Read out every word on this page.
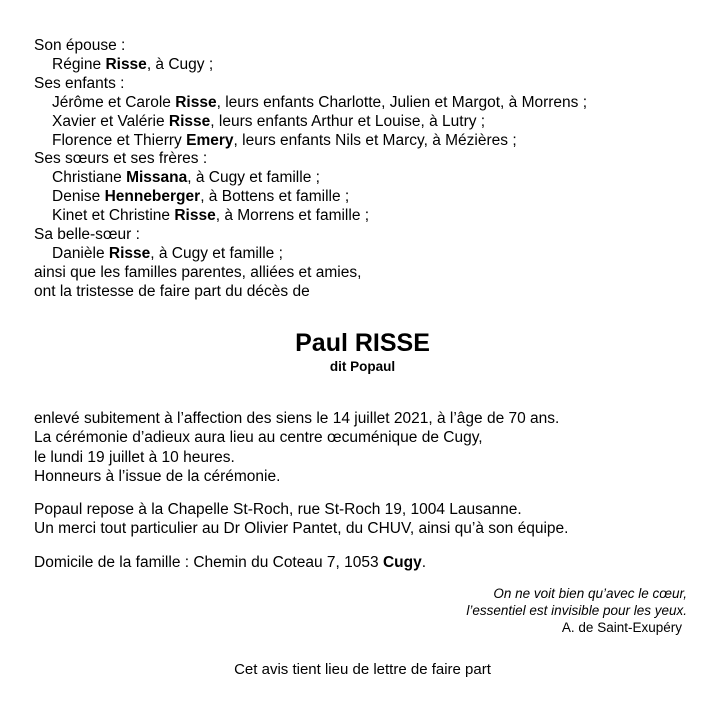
Son épouse :
Régine Risse, à Cugy ;
Ses enfants :
Jérôme et Carole Risse, leurs enfants Charlotte, Julien et Margot, à Morrens ;
Xavier et Valérie Risse, leurs enfants Arthur et Louise, à Lutry ;
Florence et Thierry Emery, leurs enfants Nils et Marcy, à Mézières ;
Ses sœurs et ses frères :
Christiane Missana, à Cugy et famille ;
Denise Henneberger, à Bottens et famille ;
Kinet et Christine Risse, à Morrens et famille ;
Sa belle-sœur :
Danièle Risse, à Cugy et famille ;
ainsi que les familles parentes, alliées et amies,
ont la tristesse de faire part du décès de
Paul RISSE
dit Popaul
enlevé subitement à l’affection des siens le 14 juillet 2021, à l’âge de 70 ans.
La cérémonie d’adieux aura lieu au centre œcuménique de Cugy,
le lundi 19 juillet à 10 heures.
Honneurs à l’issue de la cérémonie.
Popaul repose à la Chapelle St-Roch, rue St-Roch 19, 1004 Lausanne.
Un merci tout particulier au Dr Olivier Pantet, du CHUV, ainsi qu’à son équipe.
Domicile de la famille : Chemin du Coteau 7, 1053 Cugy.
On ne voit bien qu’avec le cœur,
l’essentiel est invisible pour les yeux.
A. de Saint-Exupéry
Cet avis tient lieu de lettre de faire part
